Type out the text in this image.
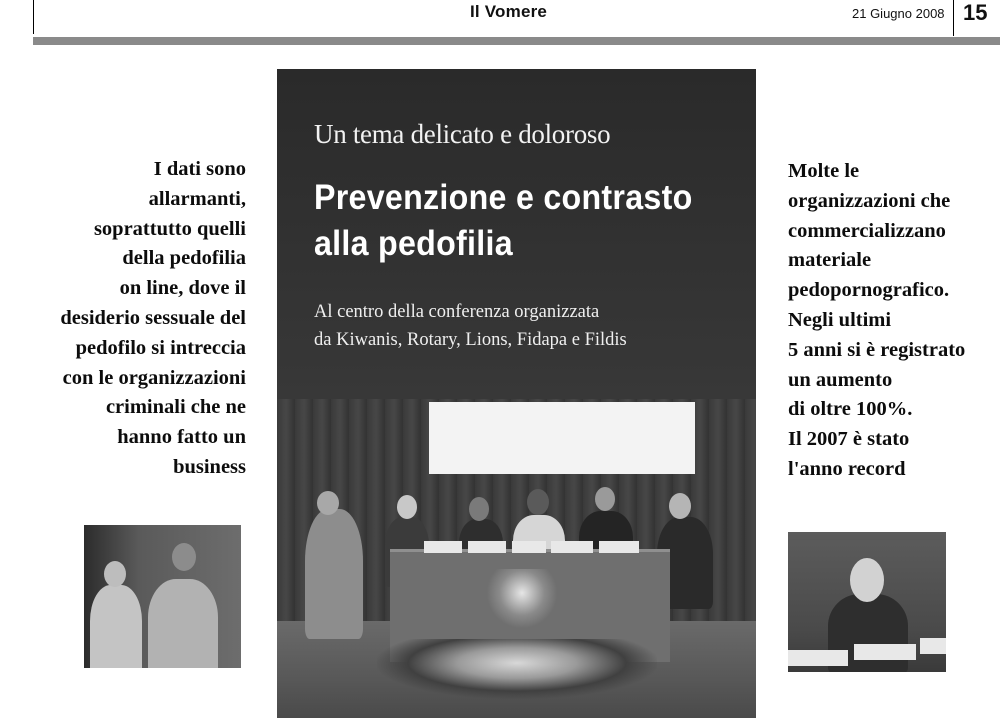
Il Vomere	21 Giugno 2008 15
I dati sono
allarmanti,
soprattutto quelli
della pedofilia
on line, dove il
desiderio sessuale del
pedofilo si intreccia
con le organizzazioni
criminali che ne
hanno fatto un
business
Molte le
organizzazioni che
commercializzano
materiale
pedopornografico.
Negli ultimi
5 anni si è registrato
un aumento
di oltre 100%.
Il 2007 è stato
l'anno record
Un tema delicato e doloroso
Prevenzione e contrasto
alla pedofilia
Al centro della conferenza organizzata
da Kiwanis, Rotary, Lions, Fidapa e Fildis
